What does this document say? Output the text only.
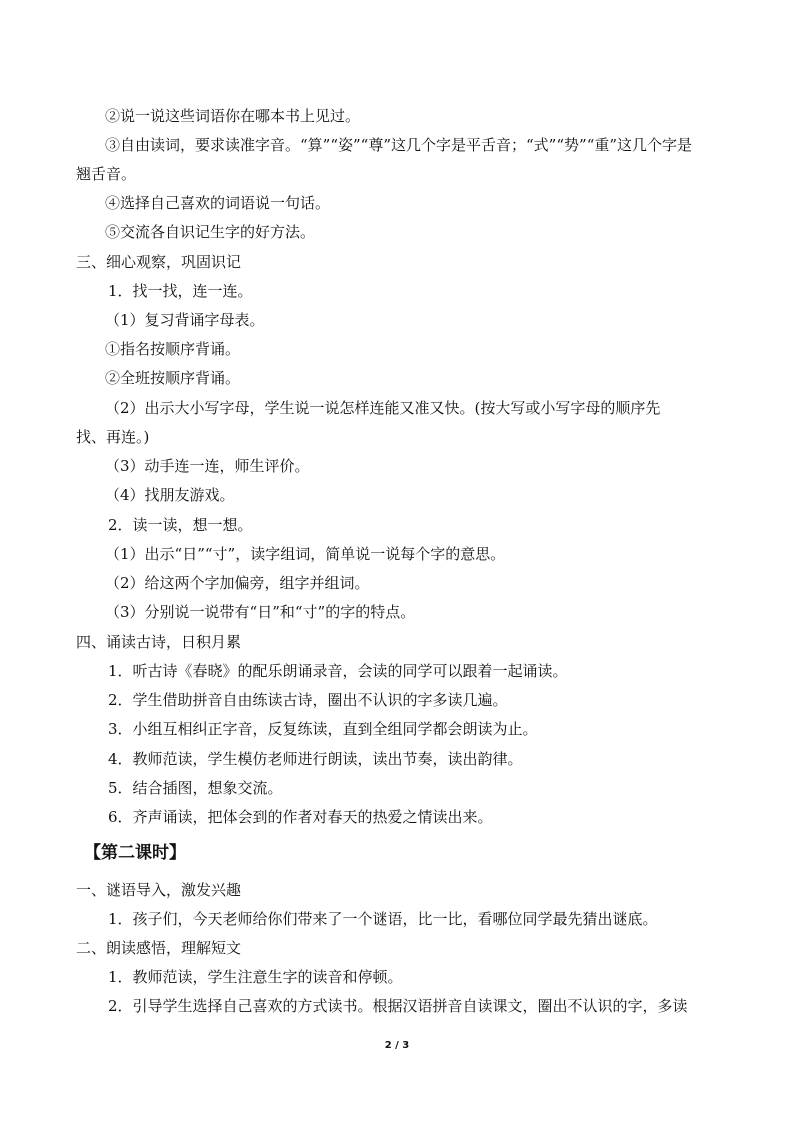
②说一说这些词语你在哪本书上见过。
③自由读词，要求读准字音。“算”“姿”“尊”这几个字是平舌音；“式”“势”“重”这几个字是
翘舌音。
④选择自己喜欢的词语说一句话。
⑤交流各自识记生字的好方法。
三、细心观察，巩固识记
1．找一找，连一连。
（1）复习背诵字母表。
①指名按顺序背诵。
②全班按顺序背诵。
（2）出示大小写字母，学生说一说怎样连能又准又快。(按大写或小写字母的顺序先
找、再连。)
（3）动手连一连，师生评价。
（4）找朋友游戏。
2．读一读，想一想。
（1）出示“日”“寸”，读字组词，简单说一说每个字的意思。
（2）给这两个字加偏旁，组字并组词。
（3）分别说一说带有“日”和“寸”的字的特点。
四、诵读古诗，日积月累
1．听古诗《春晓》的配乐朗诵录音，会读的同学可以跟着一起诵读。
2．学生借助拼音自由练读古诗，圈出不认识的字多读几遍。
3．小组互相纠正字音，反复练读，直到全组同学都会朗读为止。
4．教师范读，学生模仿老师进行朗读，读出节奏，读出韵律。
5．结合插图，想象交流。
6．齐声诵读，把体会到的作者对春天的热爱之情读出来。
【第二课时】
一、谜语导入，激发兴趣
1．孩子们，今天老师给你们带来了一个谜语，比一比，看哪位同学最先猜出谜底。
二、朗读感悟，理解短文
1．教师范读，学生注意生字的读音和停顿。
2．引导学生选择自己喜欢的方式读书。根据汉语拼音自读课文，圈出不认识的字，多读
2 / 3
